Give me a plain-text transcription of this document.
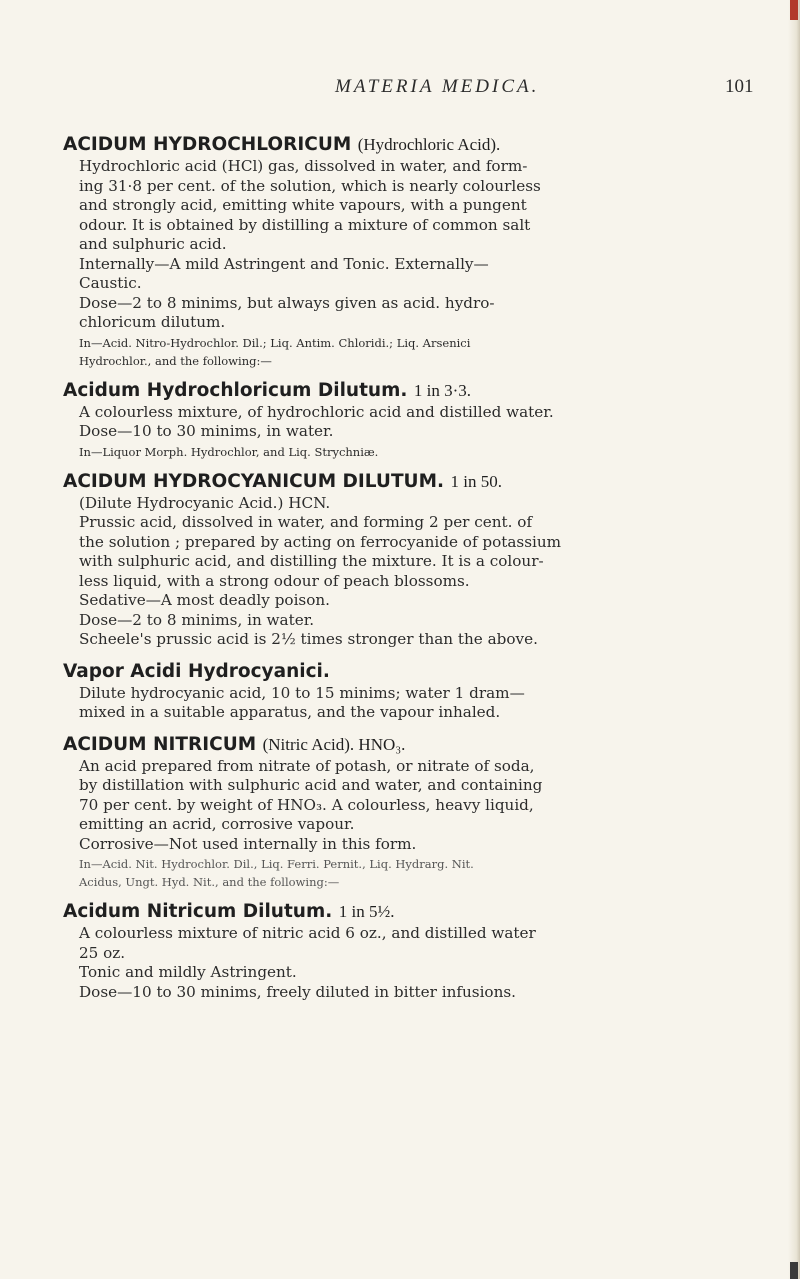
MATERIA MEDICA.	101
ACIDUM HYDROCHLORICUM (Hydrochloric Acid).
Hydrochloric acid (HCl) gas, dissolved in water, and form-
ing 31·8 per cent. of the solution, which is nearly colourless
and strongly acid, emitting white vapours, with a pungent
odour. It is obtained by distilling a mixture of common salt
and sulphuric acid.
Internally—A mild Astringent and Tonic. Externally—
Caustic.
Dose—2 to 8 minims, but always given as acid. hydro-
chloricum dilutum.
In—Acid. Nitro-Hydrochlor. Dil.; Liq. Antim. Chloridi.; Liq. Arsenici
Hydrochlor., and the following:—
Acidum Hydrochloricum Dilutum. 1 in 3·3.
A colourless mixture, of hydrochloric acid and distilled water.
Dose—10 to 30 minims, in water.
In—Liquor Morph. Hydrochlor, and Liq. Strychniæ.
ACIDUM HYDROCYANICUM DILUTUM. 1 in 50.
(Dilute Hydrocyanic Acid.) HCN.
Prussic acid, dissolved in water, and forming 2 per cent. of
the solution ; prepared by acting on ferrocyanide of potassium
with sulphuric acid, and distilling the mixture. It is a colour-
less liquid, with a strong odour of peach blossoms.
Sedative—A most deadly poison.
Dose—2 to 8 minims, in water.
Scheele's prussic acid is 2½ times stronger than the above.
Vapor Acidi Hydrocyanici.
Dilute hydrocyanic acid, 10 to 15 minims; water 1 dram—
mixed in a suitable apparatus, and the vapour inhaled.
ACIDUM NITRICUM (Nitric Acid). HNO₃.
An acid prepared from nitrate of potash, or nitrate of soda,
by distillation with sulphuric acid and water, and containing
70 per cent. by weight of HNO₃. A colourless, heavy liquid,
emitting an acrid, corrosive vapour.
Corrosive—Not used internally in this form.
In—Acid. Nit. Hydrochlor. Dil., Liq. Ferri. Pernit., Liq. Hydrarg. Nit.
Acidus, Ungt. Hyd. Nit., and the following:—
Acidum Nitricum Dilutum. 1 in 5½.
A colourless mixture of nitric acid 6 oz., and distilled water
25 oz.
Tonic and mildly Astringent.
Dose—10 to 30 minims, freely diluted in bitter infusions.
